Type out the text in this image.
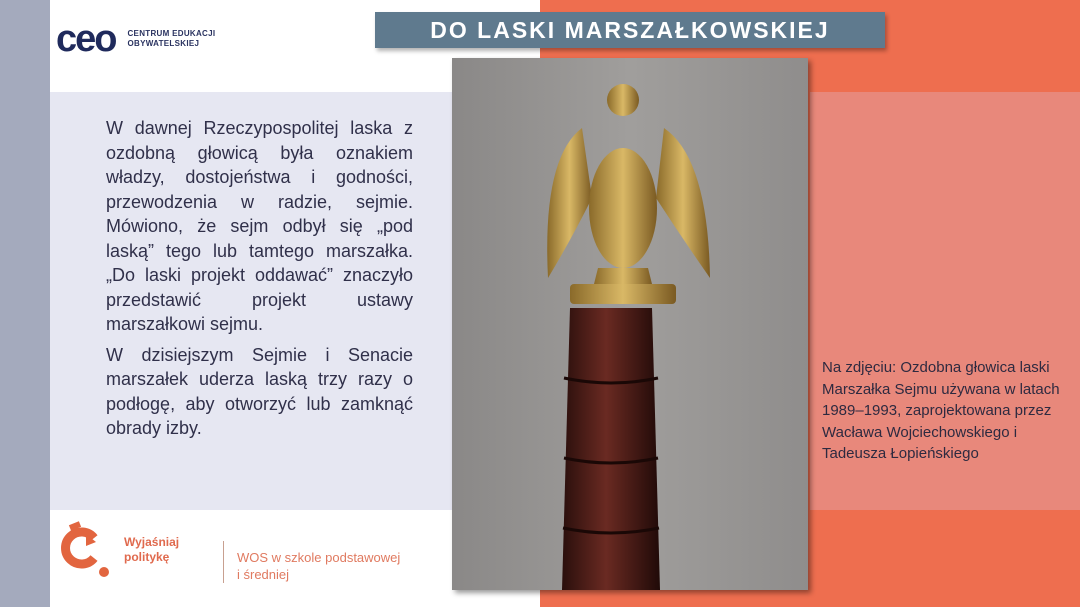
ceo CENTRUM EDUKACJI
OBYWATELSKIEJ
DO LASKI MARSZAŁKOWSKIEJ

W dawnej Rzeczypospolitej laska z ozdobną głowicą była oznakiem władzy, dostojeństwa i godności, przewodzenia w radzie, sejmie. Mówiono, że sejm odbył się „pod laską” tego lub tamtego marszałka. „Do laski projekt oddawać” znaczyło przedstawić projekt ustawy marszałkowi sejmu.

W dzisiejszym Sejmie i Senacie marszałek uderza laską trzy razy o podłogę, aby otworzyć lub zamknąć obrady izby.

Na zdjęciu: Ozdobna głowica laski Marszałka Sejmu używana w latach 1989–1993, zaprojektowana przez Wacława Wojciechowskiego i Tadeusza Łopieńskiego
Wyjaśniaj
politykę	WOS w szkole podstawowej
i średniej
